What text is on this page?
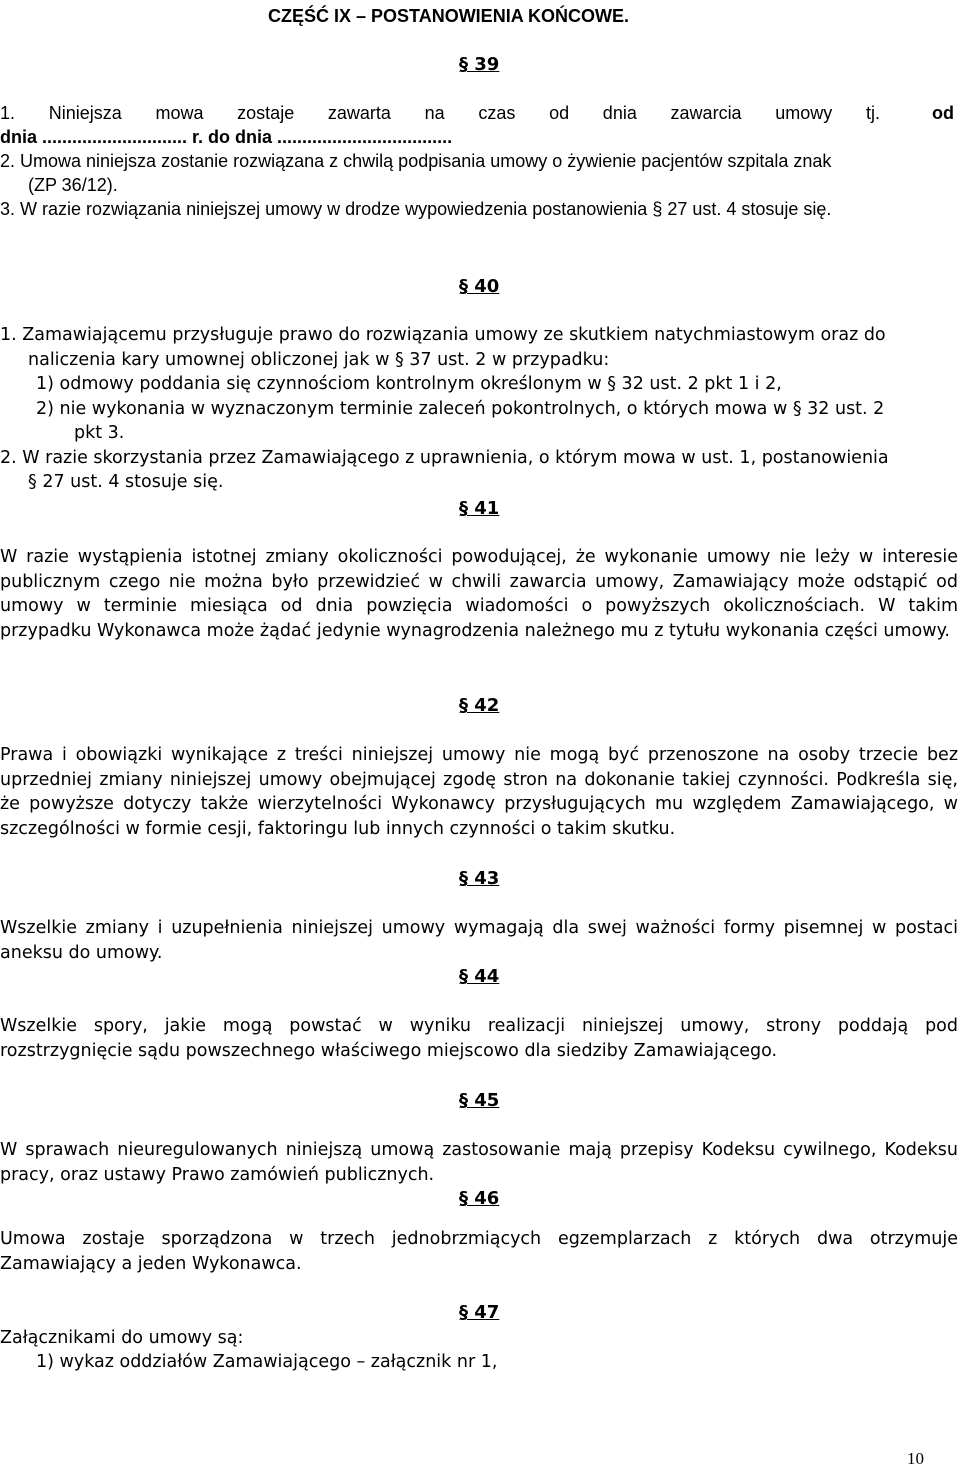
CZĘŚĆ IX – POSTANOWIENIA KOŃCOWE.
§ 39
1. Niniejsza mowa zostaje zawarta na czas od dnia zawarcia umowy tj.	od
dnia ............................. r. do dnia ...................................
2. Umowa niniejsza zostanie rozwiązana z chwilą podpisania umowy o żywienie pacjentów szpitala znak
(ZP 36/12).
3. W razie rozwiązania niniejszej umowy w drodze wypowiedzenia postanowienia § 27 ust. 4 stosuje się.
§ 40
1. Zamawiającemu przysługuje prawo do rozwiązania umowy ze skutkiem natychmiastowym oraz do
naliczenia kary umownej obliczonej jak w § 37 ust. 2 w przypadku:
1) odmowy poddania się czynnościom kontrolnym określonym w § 32 ust. 2 pkt 1 i 2,
2) nie wykonania w wyznaczonym terminie zaleceń pokontrolnych, o których mowa w § 32 ust. 2
pkt 3.
2. W razie skorzystania przez Zamawiającego z uprawnienia, o którym mowa w ust. 1, postanowienia
§ 27 ust. 4 stosuje się.
§ 41
W razie wystąpienia istotnej zmiany okoliczności powodującej, że wykonanie umowy nie leży w interesie publicznym czego nie można było przewidzieć w chwili zawarcia umowy, Zamawiający może odstąpić od umowy w terminie miesiąca od dnia powzięcia wiadomości o powyższych okolicznościach. W takim przypadku Wykonawca może żądać jedynie wynagrodzenia należnego mu z tytułu wykonania części umowy.
§ 42
Prawa i obowiązki wynikające z treści niniejszej umowy nie mogą być przenoszone na osoby trzecie bez uprzedniej zmiany niniejszej umowy obejmującej zgodę stron na dokonanie takiej czynności. Podkreśla się, że powyższe dotyczy także wierzytelności Wykonawcy przysługujących mu względem Zamawiającego, w szczególności w formie cesji, faktoringu lub innych czynności o takim skutku.
§ 43
Wszelkie zmiany i uzupełnienia niniejszej umowy wymagają dla swej ważności formy pisemnej w postaci aneksu do umowy.
§ 44
Wszelkie spory, jakie mogą powstać w wyniku realizacji niniejszej umowy, strony poddają pod rozstrzygnięcie sądu powszechnego właściwego miejscowo dla siedziby Zamawiającego.
§ 45
W sprawach nieuregulowanych niniejszą umową zastosowanie mają przepisy Kodeksu cywilnego, Kodeksu pracy, oraz ustawy Prawo zamówień publicznych.
§ 46
Umowa zostaje sporządzona w trzech jednobrzmiących egzemplarzach z których dwa otrzymuje Zamawiający a jeden Wykonawca.
§ 47
Załącznikami do umowy są:
1) wykaz oddziałów Zamawiającego – załącznik nr 1,
10
